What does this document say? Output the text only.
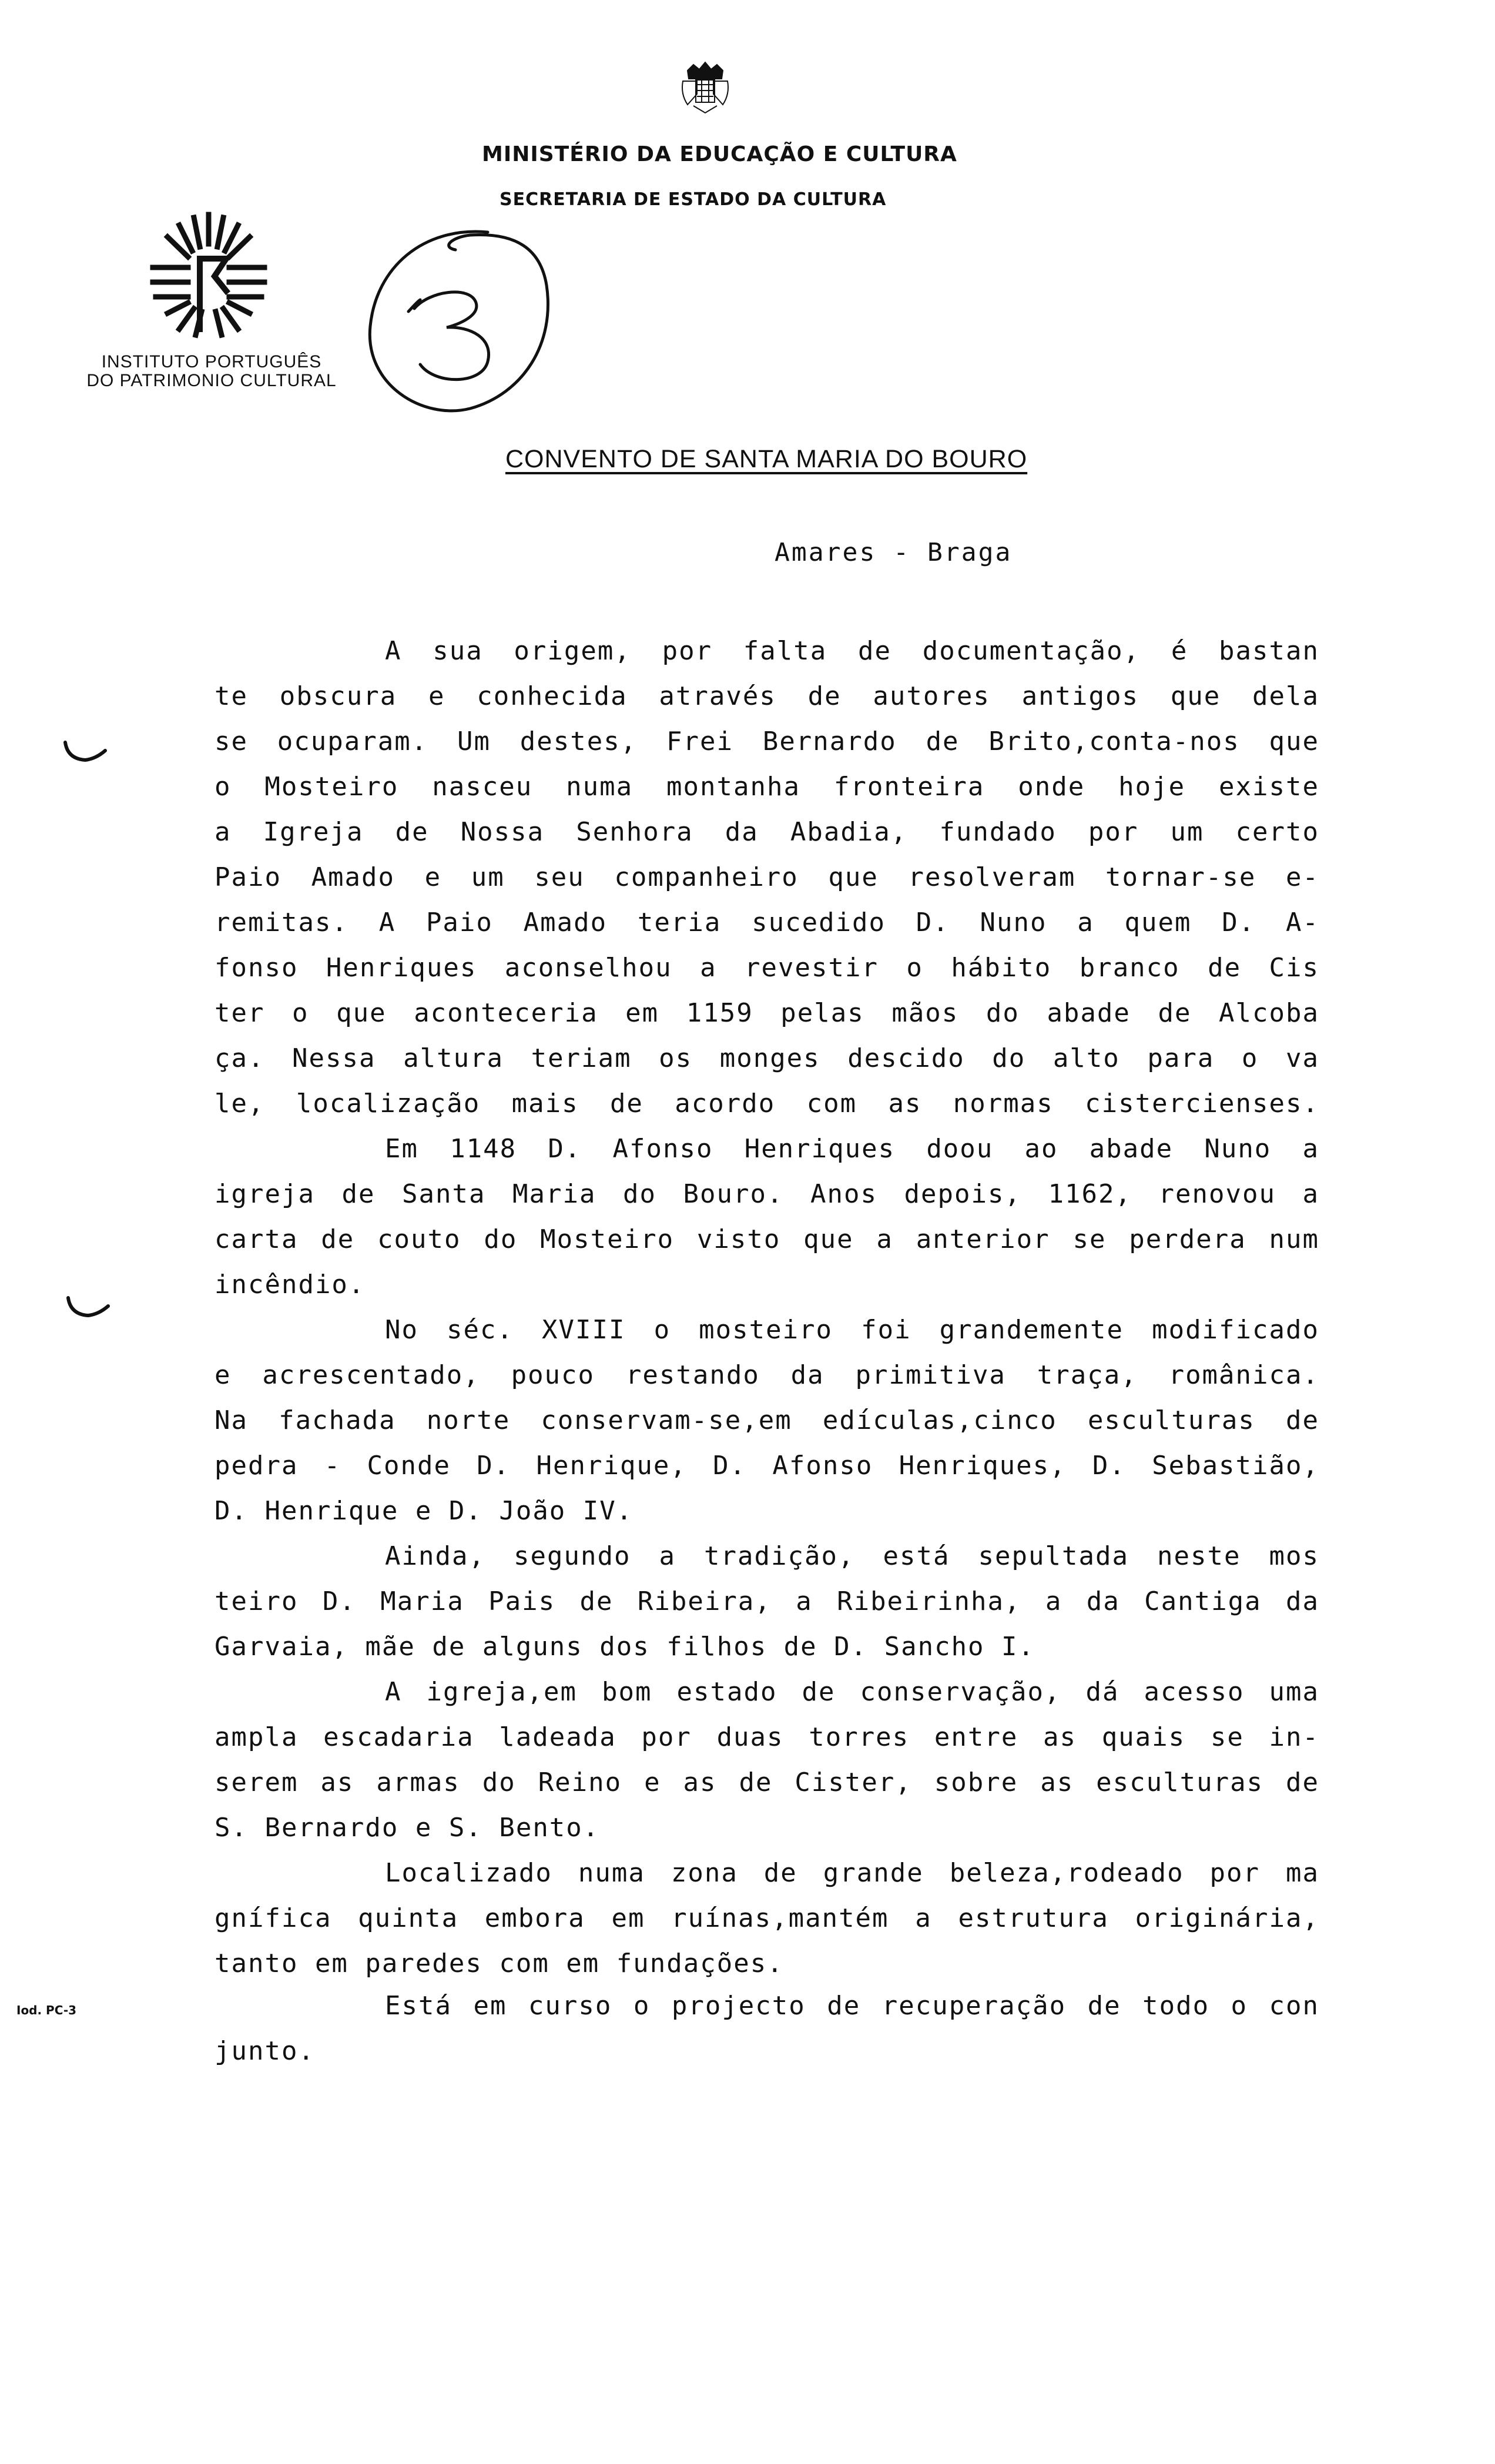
MINISTÉRIO DA EDUCAÇÃO E CULTURA
SECRETARIA DE ESTADO DA CULTURA
INSTITUTO PORTUGUÊS
DO PATRIMONIO CULTURAL
B
CONVENTO DE SANTA MARIA DO BOURO
Amares - Braga
A sua origem, por falta de documentação, é bastan
te obscura e conhecida através de autores antigos que dela
se ocuparam. Um destes, Frei Bernardo de Brito,conta-nos que
o Mosteiro nasceu numa montanha fronteira onde hoje existe
a Igreja de Nossa Senhora da Abadia, fundado por um certo
Paio Amado e um seu companheiro que resolveram tornar-se e-
remitas. A Paio Amado teria sucedido D. Nuno a quem D. A-
fonso Henriques aconselhou a revestir o hábito branco de Cis
ter o que aconteceria em 1159 pelas mãos do abade de Alcoba
ça. Nessa altura teriam os monges descido do alto para o va
le, localização mais de acordo com as normas cistercienses.
Em 1148 D. Afonso Henriques doou ao abade Nuno a
igreja de Santa Maria do Bouro. Anos depois, 1162, renovou a
carta de couto do Mosteiro visto que a anterior se perdera num
incêndio.
No séc. XVIII o mosteiro foi grandemente modificado
e acrescentado, pouco restando da primitiva traça, românica.
Na fachada norte conservam-se,em edículas,cinco esculturas de
pedra - Conde D. Henrique, D. Afonso Henriques, D. Sebastião,
D. Henrique e D. João IV.
Ainda, segundo a tradição, está sepultada neste mos
teiro D. Maria Pais de Ribeira, a Ribeirinha, a da Cantiga da
Garvaia, mãe de alguns dos filhos de D. Sancho I.
A igreja,em bom estado de conservação, dá acesso uma
ampla escadaria ladeada por duas torres entre as quais se in-
serem as armas do Reino e as de Cister, sobre as esculturas de
S. Bernardo e S. Bento.
Localizado numa zona de grande beleza,rodeado por ma
gnífica quinta embora em ruínas,mantém a estrutura originária,
tanto em paredes com em fundações.
Está em curso o projecto de recuperação de todo o con
junto.
Iod. PC-3
